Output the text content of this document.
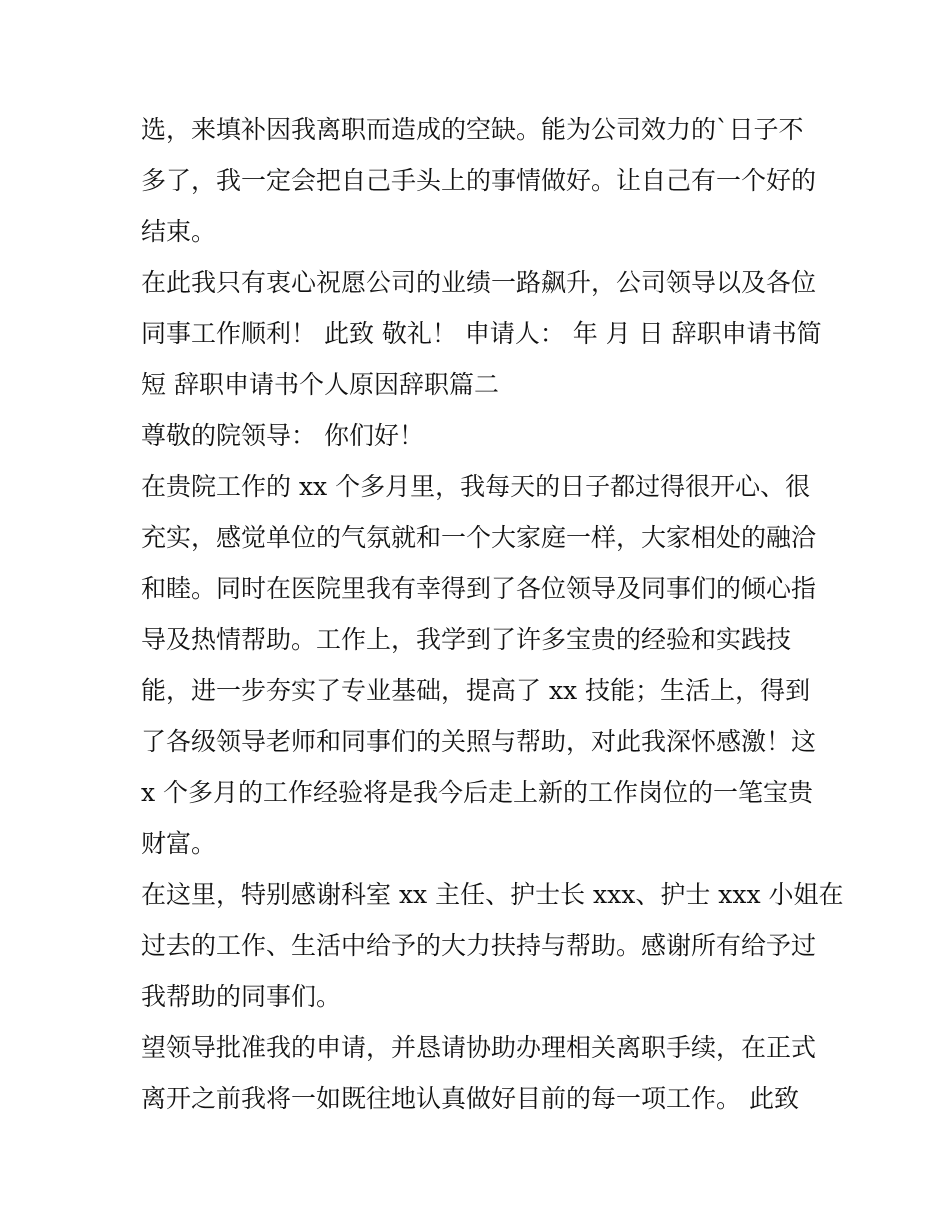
选，来填补因我离职而造成的空缺。能为公司效力的`日子不
多了，我一定会把自己手头上的事情做好。让自己有一个好的
结束。
在此我只有衷心祝愿公司的业绩一路飙升，公司领导以及各位
同事工作顺利！ 此致 敬礼！ 申请人： 年 月 日 辞职申请书简
短 辞职申请书个人原因辞职篇二
尊敬的院领导： 你们好！
在贵院工作的 xx 个多月里，我每天的日子都过得很开心、很
充实，感觉单位的气氛就和一个大家庭一样，大家相处的融洽
和睦。同时在医院里我有幸得到了各位领导及同事们的倾心指
导及热情帮助。工作上，我学到了许多宝贵的经验和实践技
能，进一步夯实了专业基础，提高了 xx 技能；生活上，得到
了各级领导老师和同事们的关照与帮助，对此我深怀感激！这
x 个多月的工作经验将是我今后走上新的工作岗位的一笔宝贵
财富。
在这里，特别感谢科室 xx 主任、护士长 xxx、护士 xxx 小姐在
过去的工作、生活中给予的大力扶持与帮助。感谢所有给予过
我帮助的同事们。
望领导批准我的申请，并恳请协助办理相关离职手续，在正式
离开之前我将一如既往地认真做好目前的每一项工作。 此致
